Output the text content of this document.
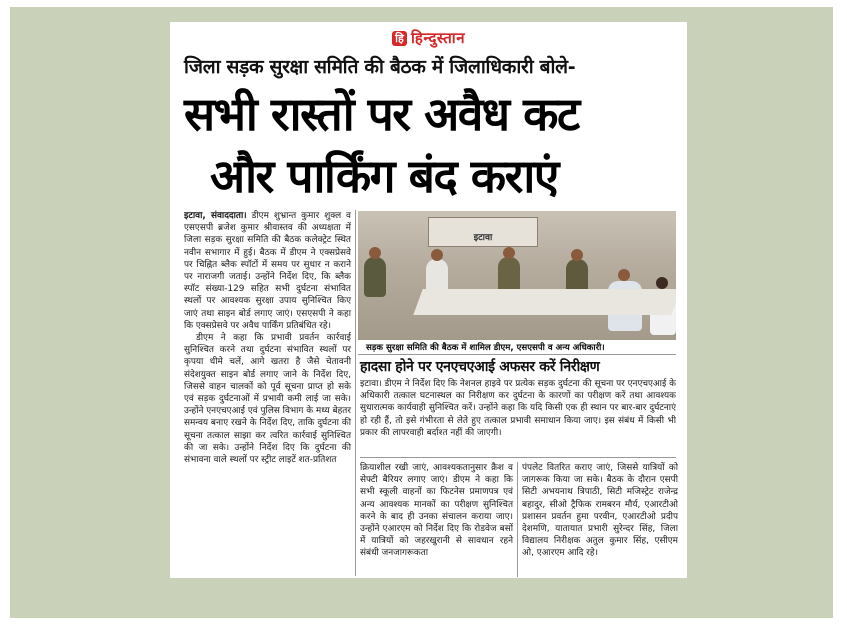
हि हिन्दुस्तान
जिला सड़क सुरक्षा समिति की बैठक में जिलाधिकारी बोले-
सभी रास्तों पर अवैध कट
और पार्किंग बंद कराएं

इटावा, संवाददाता। डीएम शुभ्रान्त कुमार शुक्ल व एसएसपी ब्रजेश कुमार श्रीवास्तव की अध्यक्षता में जिला सड़क सुरक्षा समिति की बैठक कलेक्ट्रेट स्थित नवीन सभागार में हुई। बैठक में डीएम ने एक्सप्रेसवे पर चिह्नित ब्लैक स्पॉटों में समय पर सुधार न कराने पर नाराजगी जताई। उन्होंने निर्देश दिए, कि ब्लैक स्पॉट संख्या-129 सहित सभी दुर्घटना संभावित स्थलों पर आवश्यक सुरक्षा उपाय सुनिश्चित किए जाएं तथा साइन बोर्ड लगाए जाएं। एसएसपी ने कहा कि एक्सप्रेसवे पर अवैध पार्किंग प्रतिबंधित रहे।

डीएम ने कहा कि प्रभावी प्रवर्तन कार्रवाई सुनिश्चित करने तथा दुर्घटना संभावित स्थलों पर कृपया धीमे चलें, आगे खतरा है जैसे चेतावनी संदेशयुक्त साइन बोर्ड लगाए जाने के निर्देश दिए, जिससे वाहन चालकों को पूर्व सूचना प्राप्त हो सके एवं सड़क दुर्घटनाओं में प्रभावी कमी लाई जा सके। उन्होंने एनएचएआई एवं पुलिस विभाग के मध्य बेहतर समन्वय बनाए रखने के निर्देश दिए, ताकि दुर्घटना की सूचना तत्काल साझा कर त्वरित कार्रवाई सुनिश्चित की जा सके। उन्होंने निर्देश दिए कि दुर्घटना की संभावना वाले स्थलों पर स्ट्रीट लाइटें शत-प्रतिशत

इटावा
सड़क सुरक्षा समिति की बैठक में शामिल डीएम, एसएसपी व अन्य अधिकारी।
हादसा होने पर एनएचएआई अफसर करें निरीक्षण
इटावा। डीएम ने निर्देश दिए कि नेशनल हाइवे पर प्रत्येक सड़क दुर्घटना की सूचना पर एनएचएआई के अधिकारी तत्काल घटनास्थल का निरीक्षण कर दुर्घटना के कारणों का परीक्षण करें तथा आवश्यक सुधारात्मक कार्यवाही सुनिश्चित करें। उन्होंने कहा कि यदि किसी एक ही स्थान पर बार-बार दुर्घटनाएं हो रही हैं, तो इसे गंभीरता से लेते हुए तत्काल प्रभावी समाधान किया जाए। इस संबंध में किसी भी प्रकार की लापरवाही बर्दाश्त नहीं की जाएगी।
क्रियाशील रखी जाएं, आवश्यकतानुसार क्रैश व सेफ्टी बैरियर लगाए जाएं। डीएम ने कहा कि सभी स्कूली वाहनों का फिटनेस प्रमाणपत्र एवं अन्य आवश्यक मानकों का परीक्षण सुनिश्चित करने के बाद ही उनका संचालन कराया जाए। उन्होंने एआरएम को निर्देश दिए कि रोडवेज बसों में यात्रियों को जहरखुरानी से सावधान रहने संबंधी जनजागरूकता
पंपलेट वितरित कराए जाएं, जिससे यात्रियों को जागरूक किया जा सके। बैठक के दौरान एसपी सिटी अभयनाथ त्रिपाठी, सिटी मजिस्ट्रेट राजेन्द्र बहादुर, सीओ ट्रैफिक रामबरन मौर्य, एआरटीओ प्रशासन प्रवर्तन हुमा परवीन, एआरटीओ प्रदीप देशमणि, यातायात प्रभारी सुरेन्दर सिंह, जिला विद्यालय निरीक्षक अतुल कुमार सिंह, एसीएम ओ, एआरएम आदि रहे।
